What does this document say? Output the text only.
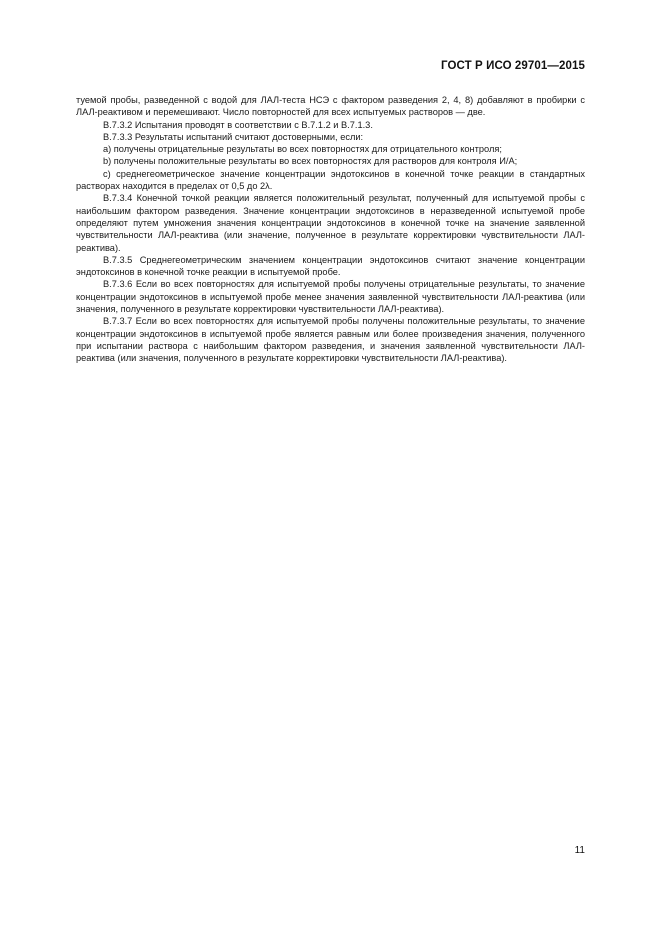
ГОСТ Р ИСО 29701—2015

туемой пробы, разведенной с водой для ЛАЛ-теста НСЭ с фактором разведения 2, 4, 8) добавляют в пробирки с ЛАЛ-реактивом и перемешивают. Число повторностей для всех испытуемых растворов — две.

В.7.3.2 Испытания проводят в соответствии с В.7.1.2 и В.7.1.3.

В.7.3.3 Результаты испытаний считают достоверными, если:

а) получены отрицательные результаты во всех повторностях для отрицательного контроля;

b) получены положительные результаты во всех повторностях для растворов для контроля И/А;

с) среднегеометрическое значение концентрации эндотоксинов в конечной точке реакции в стандартных растворах находится в пределах от 0,5 до 2λ.

В.7.3.4 Конечной точкой реакции является положительный результат, полученный для испытуемой пробы с наибольшим фактором разведения. Значение концентрации эндотоксинов в неразведенной испытуемой пробе определяют путем умножения значения концентрации эндотоксинов в конечной точке на значение заявленной чувствительности ЛАЛ-реактива (или значение, полученное в результате корректировки чувствительности ЛАЛ-реактива).

В.7.3.5 Среднегеометрическим значением концентрации эндотоксинов считают значение концентрации эндотоксинов в конечной точке реакции в испытуемой пробе.

В.7.3.6 Если во всех повторностях для испытуемой пробы получены отрицательные результаты, то значение концентрации эндотоксинов в испытуемой пробе менее значения заявленной чувствительности ЛАЛ-реактива (или значения, полученного в результате корректировки чувствительности ЛАЛ-реактива).

В.7.3.7 Если во всех повторностях для испытуемой пробы получены положительные результаты, то значение концентрации эндотоксинов в испытуемой пробе является равным или более произведения значения, полученного при испытании раствора с наибольшим фактором разведения, и значения заявленной чувствительности ЛАЛ-реактива (или значения, полученного в результате корректировки чувствительности ЛАЛ-реактива).

11
